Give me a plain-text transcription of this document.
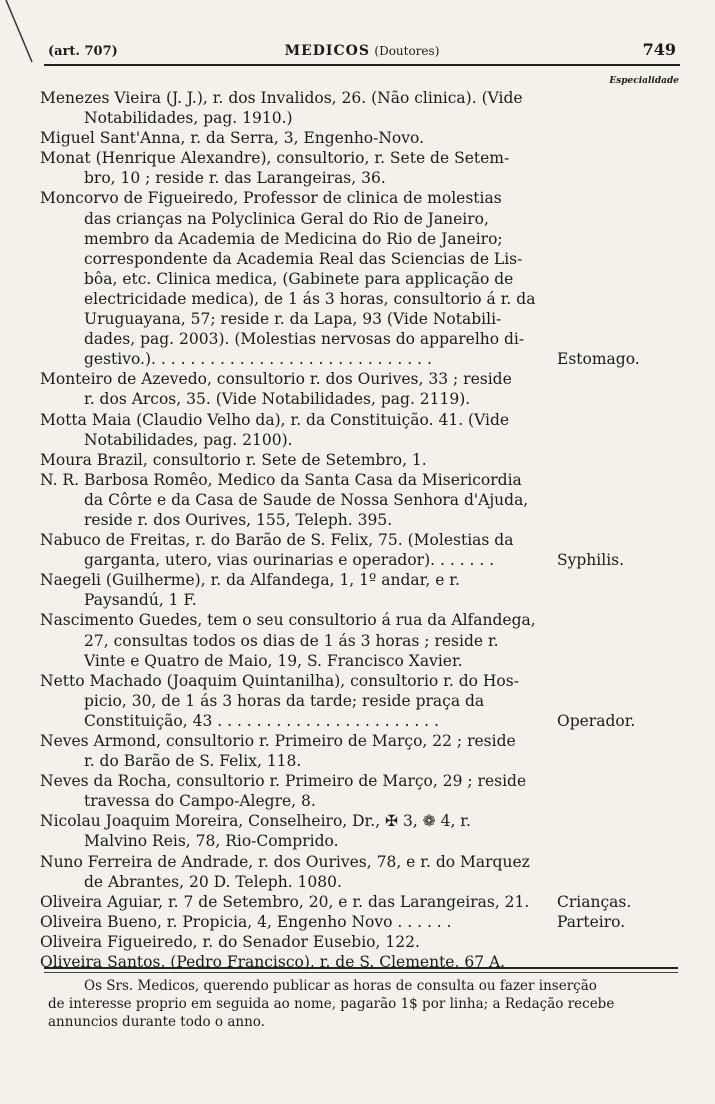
(art. 707)	MEDICOS (Doutores)	749
Especialidade
Menezes Vieira (J. J.), r. dos Invalidos, 26. (Não clinica). (Vide
Notabilidades, pag. 1910.)
Miguel Sant'Anna, r. da Serra, 3, Engenho-Novo.
Monat (Henrique Alexandre), consultorio, r. Sete de Setem-
bro, 10 ; reside r. das Larangeiras, 36.
Moncorvo de Figueiredo, Professor de clinica de molestias
das crianças na Polyclinica Geral do Rio de Janeiro,
membro da Academia de Medicina do Rio de Janeiro;
correspondente da Academia Real das Sciencias de Lis-
bôa, etc. Clinica medica, (Gabinete para applicação de
electricidade medica), de 1 ás 3 horas, consultorio á r. da
Uruguayana, 57; reside r. da Lapa, 93 (Vide Notabili-
dades, pag. 2003). (Molestias nervosas do apparelho di-
gestivo.). . . . . . . . . . . . . . . . . . . . . . . . . . . . .	Estomago.
Monteiro de Azevedo, consultorio r. dos Ourives, 33 ; reside
r. dos Arcos, 35. (Vide Notabilidades, pag. 2119).
Motta Maia (Claudio Velho da), r. da Constituição. 41. (Vide
Notabilidades, pag. 2100).
Moura Brazil, consultorio r. Sete de Setembro, 1.
N. R. Barbosa Romêo, Medico da Santa Casa da Misericordia
da Côrte e da Casa de Saude de Nossa Senhora d'Ajuda,
reside r. dos Ourives, 155, Teleph. 395.
Nabuco de Freitas, r. do Barão de S. Felix, 75. (Molestias da
garganta, utero, vias ourinarias e operador). . . . . . .	Syphilis.
Naegeli (Guilherme), r. da Alfandega, 1, 1º andar, e r.
Paysandú, 1 F.
Nascimento Guedes, tem o seu consultorio á rua da Alfandega,
27, consultas todos os dias de 1 ás 3 horas ; reside r.
Vinte e Quatro de Maio, 19, S. Francisco Xavier.
Netto Machado (Joaquim Quintanilha), consultorio r. do Hos-
picio, 30, de 1 ás 3 horas da tarde; reside praça da
Constituição, 43 . . . . . . . . . . . . . . . . . . . . . . .	Operador.
Neves Armond, consultorio r. Primeiro de Março, 22 ; reside
r. do Barão de S. Felix, 118.
Neves da Rocha, consultorio r. Primeiro de Março, 29 ; reside
travessa do Campo-Alegre, 8.
Nicolau Joaquim Moreira, Conselheiro, Dr., ✠ 3, ❁ 4, r.
Malvino Reis, 78, Rio-Comprido.
Nuno Ferreira de Andrade, r. dos Ourives, 78, e r. do Marquez
de Abrantes, 20 D. Teleph. 1080.
Oliveira Aguiar, r. 7 de Setembro, 20, e r. das Larangeiras, 21. Crianças.
Oliveira Bueno, r. Propicia, 4, Engenho Novo . . . . . .	Parteiro.
Oliveira Figueiredo, r. do Senador Eusebio, 122.
Oliveira Santos, (Pedro Francisco), r. de S. Clemente, 67 A.
Os Srs. Medicos, querendo publicar as horas de consulta ou fazer inserção
de interesse proprio em seguida ao nome, pagarão 1$ por linha; a Redação recebe
annuncios durante todo o anno.
